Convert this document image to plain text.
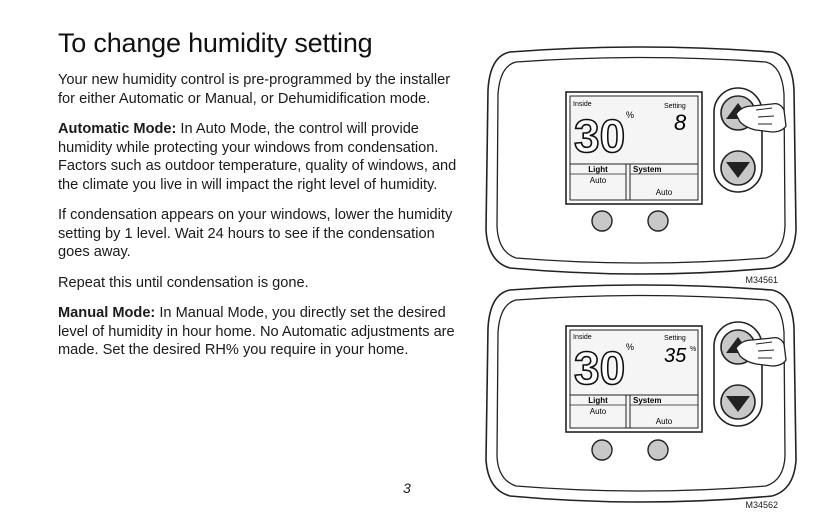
To change humidity setting

Your new humidity control is pre-programmed by the installer for either Automatic or Manual, or Dehumidification mode.

Automatic Mode: In Auto Mode, the control will provide humidity while protecting your windows from condensation. Factors such as outdoor temperature, quality of windows, and the climate you live in will impact the right level of humidity.

If condensation appears on your windows, lower the humidity setting by 1 level. Wait 24 hours to see if the condensation goes away.

Repeat this until condensation is gone.

Manual Mode: In Manual Mode, you directly set the desired level of humidity in hour home. No Automatic adjustments are made. Set the desired RH% you require in your home.

3
Inside
30 %
Setting
8
Light
Auto
System
Auto
M34561
Inside
30 %
Setting
35 %
Light
Auto
System
Auto
M34562
